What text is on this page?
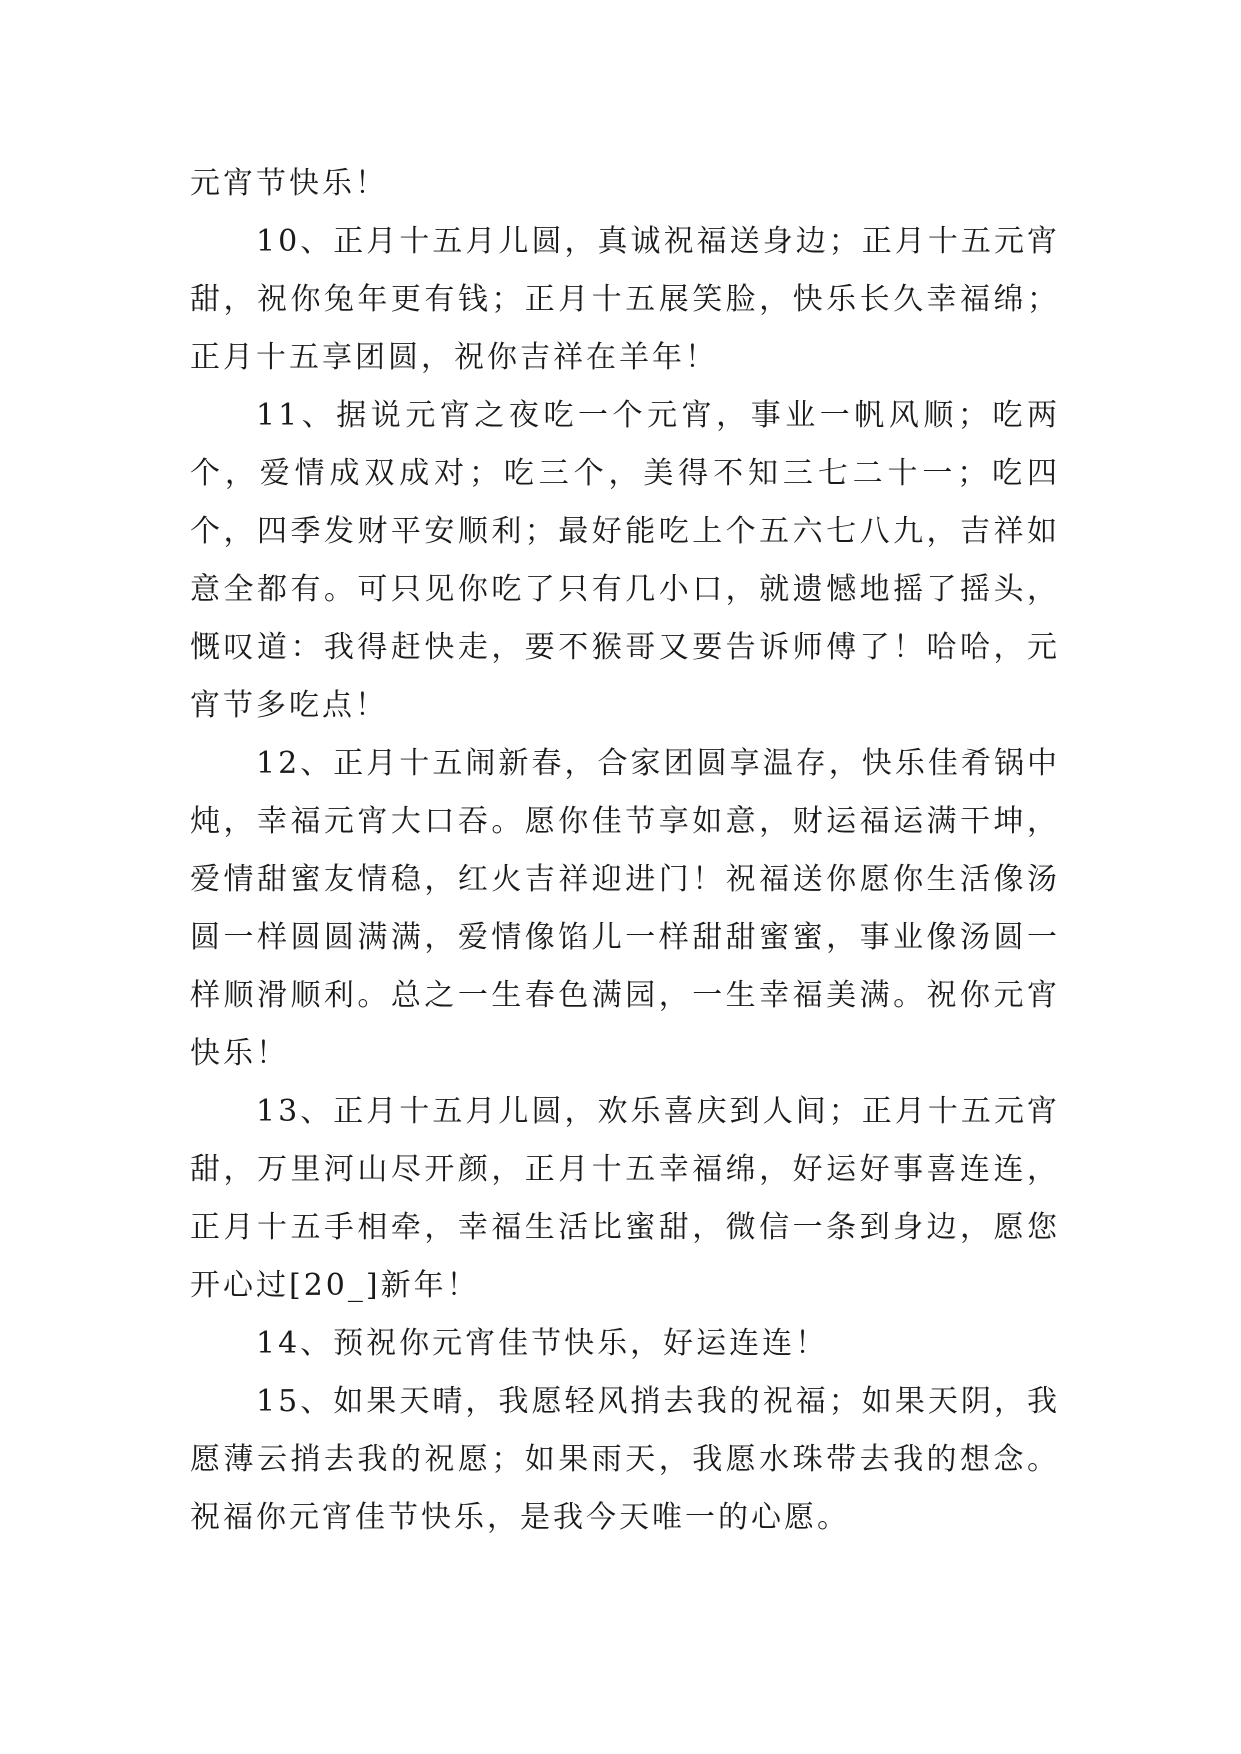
元宵节快乐！

10、正月十五月儿圆，真诚祝福送身边；正月十五元宵甜，祝你兔年更有钱；正月十五展笑脸，快乐长久幸福绵；正月十五享团圆，祝你吉祥在羊年！

11、据说元宵之夜吃一个元宵，事业一帆风顺；吃两个，爱情成双成对；吃三个，美得不知三七二十一；吃四个，四季发财平安顺利；最好能吃上个五六七八九，吉祥如意全都有。可只见你吃了只有几小口，就遗憾地摇了摇头，慨叹道：我得赶快走，要不猴哥又要告诉师傅了！哈哈，元宵节多吃点！

12、正月十五闹新春，合家团圆享温存，快乐佳肴锅中炖，幸福元宵大口吞。愿你佳节享如意，财运福运满干坤，爱情甜蜜友情稳，红火吉祥迎进门！祝福送你愿你生活像汤圆一样圆圆满满，爱情像馅儿一样甜甜蜜蜜，事业像汤圆一样顺滑顺利。总之一生春色满园，一生幸福美满。祝你元宵快乐！

13、正月十五月儿圆，欢乐喜庆到人间；正月十五元宵甜，万里河山尽开颜，正月十五幸福绵，好运好事喜连连，正月十五手相牵，幸福生活比蜜甜，微信一条到身边，愿您开心过[20_]新年！

14、预祝你元宵佳节快乐，好运连连！

15、如果天晴，我愿轻风捎去我的祝福；如果天阴，我愿薄云捎去我的祝愿；如果雨天，我愿水珠带去我的想念。祝福你元宵佳节快乐，是我今天唯一的心愿。
